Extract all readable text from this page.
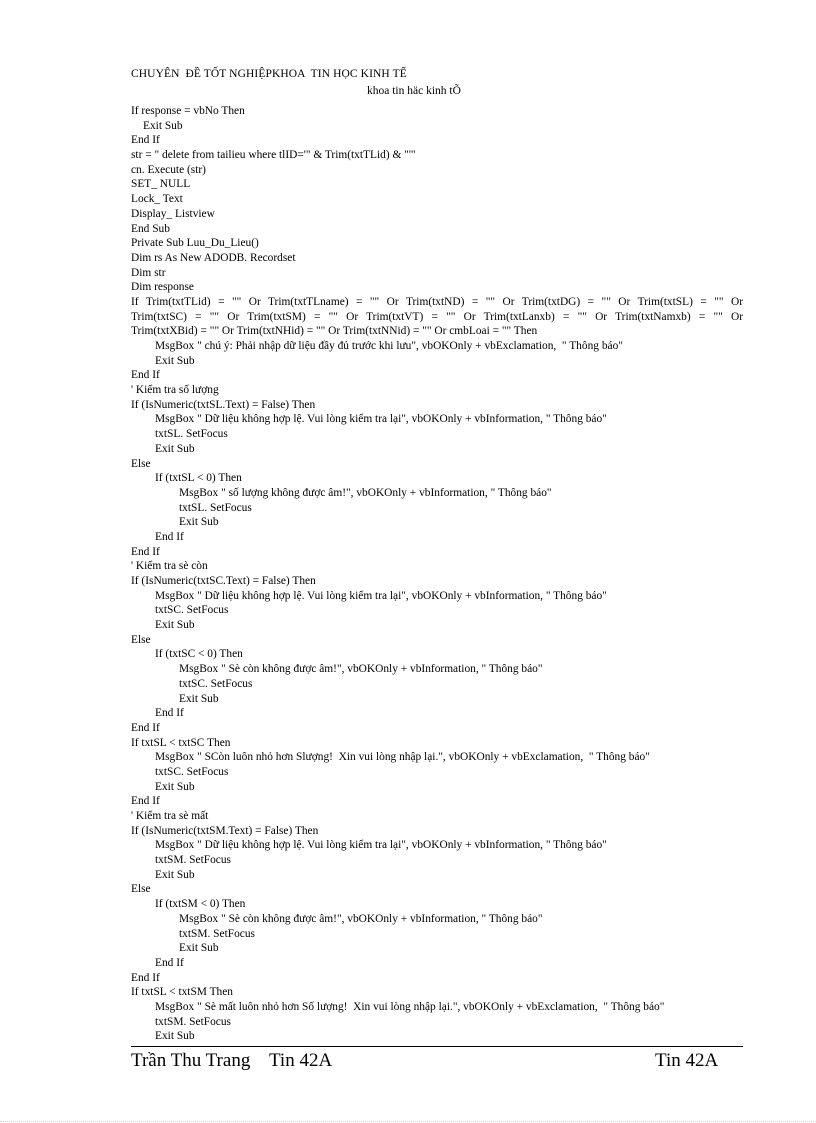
CHUYÊN  ĐỀ TỐT NGHIỆPKHOA  TIN HỌC KINH TẾ
khoa tin häc kinh tÕ
If response = vbNo Then
Exit Sub
End If
str = " delete from tailieu where tlID='" & Trim(txtTLid) & "'"
cn. Execute (str)
SET_ NULL
Lock_ Text
Display_ Listview
End Sub
Private Sub Luu_Du_Lieu()
Dim rs As New ADODB. Recordset
Dim str
Dim response
If Trim(txtTLid) = "" Or Trim(txtTLname) = "" Or Trim(txtND) = "" Or Trim(txtDG) = "" Or Trim(txtSL) = "" Or
Trim(txtSC) = "" Or Trim(txtSM) = "" Or Trim(txtVT) = "" Or Trim(txtLanxb) = "" Or Trim(txtNamxb) = "" Or
Trim(txtXBid) = "" Or Trim(txtNHid) = "" Or Trim(txtNNid) = "" Or cmbLoai = "" Then
MsgBox " chú ý: Phải nhập dữ liệu đầy đủ trước khi lưu", vbOKOnly + vbExclamation,  " Thông báo"
Exit Sub
End If
' Kiểm tra số lượng
If (IsNumeric(txtSL.Text) = False) Then
MsgBox " Dữ liệu không hợp lệ. Vui lòng kiểm tra lại", vbOKOnly + vbInformation, " Thông báo"
txtSL. SetFocus
Exit Sub
Else
If (txtSL < 0) Then
MsgBox " số lượng không được âm!", vbOKOnly + vbInformation, " Thông báo"
txtSL. SetFocus
Exit Sub
End If
End If
' Kiểm tra sè còn
If (IsNumeric(txtSC.Text) = False) Then
MsgBox " Dữ liệu không hợp lệ. Vui lòng kiểm tra lại", vbOKOnly + vbInformation, " Thông báo"
txtSC. SetFocus
Exit Sub
Else
If (txtSC < 0) Then
MsgBox " Sè còn không được âm!", vbOKOnly + vbInformation, " Thông báo"
txtSC. SetFocus
Exit Sub
End If
End If
If txtSL < txtSC Then
MsgBox " SCòn luôn nhỏ hơn Slượng!  Xin vui lòng nhập lại.", vbOKOnly + vbExclamation,  " Thông báo"
txtSC. SetFocus
Exit Sub
End If
' Kiểm tra sè mất
If (IsNumeric(txtSM.Text) = False) Then
MsgBox " Dữ liệu không hợp lệ. Vui lòng kiểm tra lại", vbOKOnly + vbInformation, " Thông báo"
txtSM. SetFocus
Exit Sub
Else
If (txtSM < 0) Then
MsgBox " Sè còn không được âm!", vbOKOnly + vbInformation, " Thông báo"
txtSM. SetFocus
Exit Sub
End If
End If
If txtSL < txtSM Then
MsgBox " Sè mất luôn nhỏ hơn Số lượng!  Xin vui lòng nhập lại.", vbOKOnly + vbExclamation,  " Thông báo"
txtSM. SetFocus
Exit Sub
Trần Thu Trang    Tin 42A	Tin 42A
